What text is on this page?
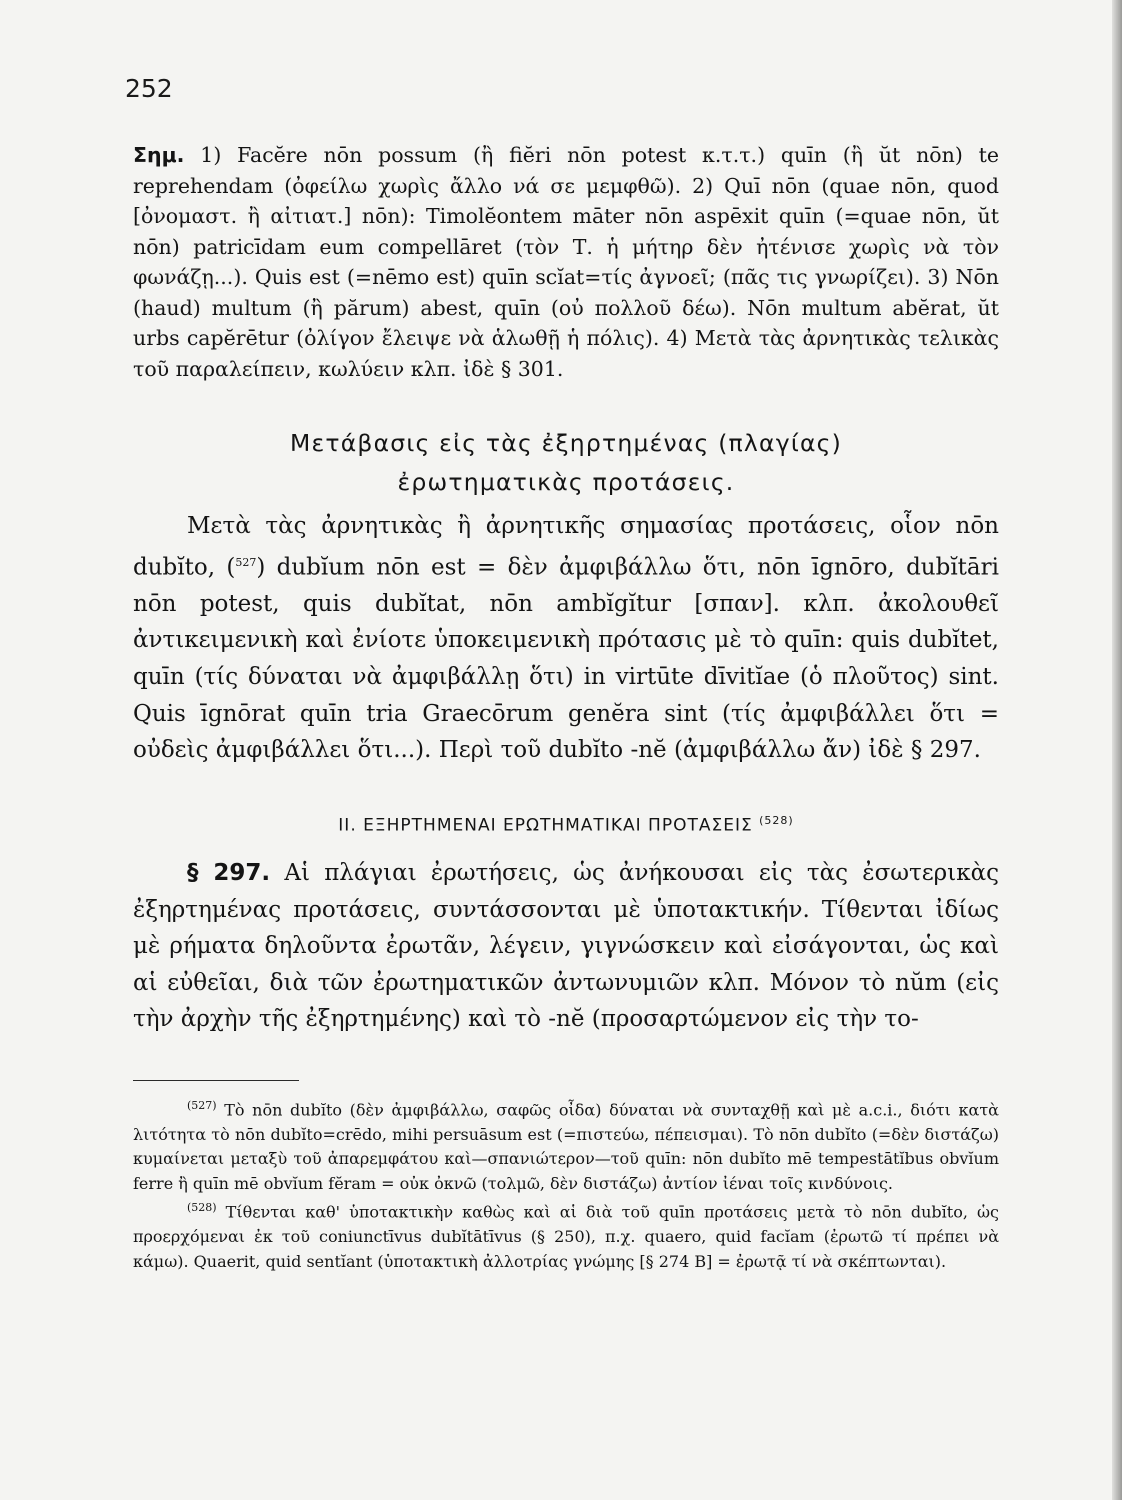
252
Σημ. 1) Facĕre nōn possum (ἢ fiĕri nōn potest κ.τ.τ.) quīn (ἢ ŭt nōn) te reprehendam (ὀφείλω χωρὶς ἄλλο νά σε μεμφθῶ). 2) Quī nōn (quae nōn, quod [ὀνομαστ. ἢ αἰτιατ.] nōn): Timolĕontem māter nōn aspēxit quīn (=quae nōn, ŭt nōn) patricīdam eum compellāret (τὸν Τ. ἡ μήτηρ δὲν ἠτένισε χωρὶς νὰ τὸν φωνάζῃ...). Quis est (=nēmo est) quīn scĭat=τίς ἀγνοεῖ; (πᾶς τις γνωρίζει). 3) Nōn (haud) multum (ἢ părum) abest, quīn (οὐ πολλοῦ δέω). Nōn multum abĕrat, ŭt urbs capĕrētur (ὀλίγον ἔλειψε νὰ ἁλωθῇ ἡ πόλις). 4) Μετὰ τὰς ἀρνητικὰς τελικὰς τοῦ παραλείπειν, κωλύειν κλπ. ἰδὲ § 301.
Μετάβασις εἰς τὰς ἐξηρτημένας (πλαγίας)
ἐρωτηματικὰς προτάσεις.

Μετὰ τὰς ἀρνητικὰς ἢ ἀρνητικῆς σημασίας προτάσεις, οἷον nōn dubĭto, ($^{527}$) dubĭum nōn est = δὲν ἀμφιβάλλω ὅτι, nōn īgnōro, dubĭtāri nōn potest, quis dubĭtat, nōn ambĭgĭtur [σπαν]. κλπ. ἀκολουθεῖ ἀντικειμενικὴ καὶ ἐνίοτε ὑποκειμενικὴ πρότασις μὲ τὸ quīn: quis dubĭtet, quīn (τίς δύναται νὰ ἀμφιβάλλῃ ὅτι) in virtūte dīvitĭae (ὁ πλοῦτος) sint. Quis īgnōrat quīn tria Graecōrum genĕra sint (τίς ἀμφιβάλλει ὅτι = οὐδεὶς ἀμφιβάλλει ὅτι...). Περὶ τοῦ dubĭto -nĕ (ἀμφιβάλλω ἄν) ἰδὲ § 297.

II. ΕΞΗΡΤΗΜΕΝΑΙ ΕΡΩΤΗΜΑΤΙΚΑΙ ΠΡΟΤΑΣΕΙΣ $^{(528)}$

§ 297. Αἱ πλάγιαι ἐρωτήσεις, ὡς ἀνήκουσαι εἰς τὰς ἐσωτερικὰς ἐξηρτημένας προτάσεις, συντάσσονται μὲ ὑποτακτικήν. Τίθενται ἰδίως μὲ ρήματα δηλοῦντα ἐρωτᾶν, λέγειν, γιγνώσκειν καὶ εἰσάγονται, ὡς καὶ αἱ εὐθεῖαι, διὰ τῶν ἐρωτηματικῶν ἀντωνυμιῶν κλπ. Μόνον τὸ nŭm (εἰς τὴν ἀρχὴν τῆς ἐξηρτημένης) καὶ τὸ -nĕ (προσαρτώμενον εἰς τὴν το-

$^{(527)}$ Τὸ nōn dubĭto (δὲν ἀμφιβάλλω, σαφῶς οἶδα) δύναται νὰ συνταχθῇ καὶ μὲ a.c.i., διότι κατὰ λιτότητα τὸ nōn dubĭto=crēdo, mihi persuāsum est (=πιστεύω, πέπεισμαι). Τὸ nōn dubĭto (=δὲν διστάζω) κυμαίνεται μεταξὺ τοῦ ἀπαρεμφάτου καὶ—σπανιώτερον—τοῦ quīn: nōn dubĭto mē tempestātĭbus obvĭum ferre ἢ quīn mē obvĭum fĕram = οὐκ ὀκνῶ (τολμῶ, δὲν διστάζω) ἀντίον ἰέναι τοῖς κινδύνοις.

$^{(528)}$ Τίθενται καθ' ὑποτακτικὴν καθὼς καὶ αἱ διὰ τοῦ quīn προτάσεις μετὰ τὸ nōn dubĭto, ὡς προερχόμεναι ἐκ τοῦ coniunctīvus dubĭtātīvus (§ 250), π.χ. quaero, quid facĭam (ἐρωτῶ τί πρέπει νὰ κάμω). Quaerit, quid sentĭant (ὑποτακτικὴ ἀλλοτρίας γνώμης [§ 274 B] = ἐρωτᾷ τί νὰ σκέπτωνται).
